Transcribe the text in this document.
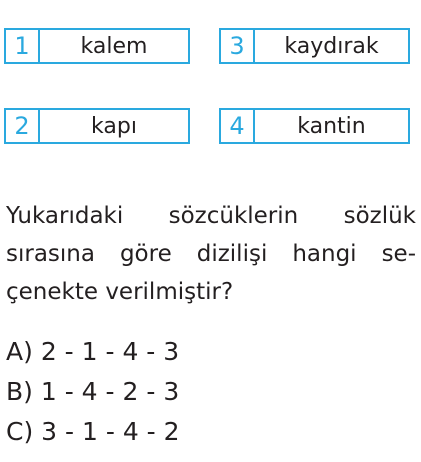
1	kalem	3	kaydırak
2	kapı	4	kantin
Yukarıdaki sözcüklerin sözlük
sırasına göre dizilişi hangi se-
çenekte verilmiştir?
A) 2 - 1 - 4 - 3
B) 1 - 4 - 2 - 3
C) 3 - 1 - 4 - 2
